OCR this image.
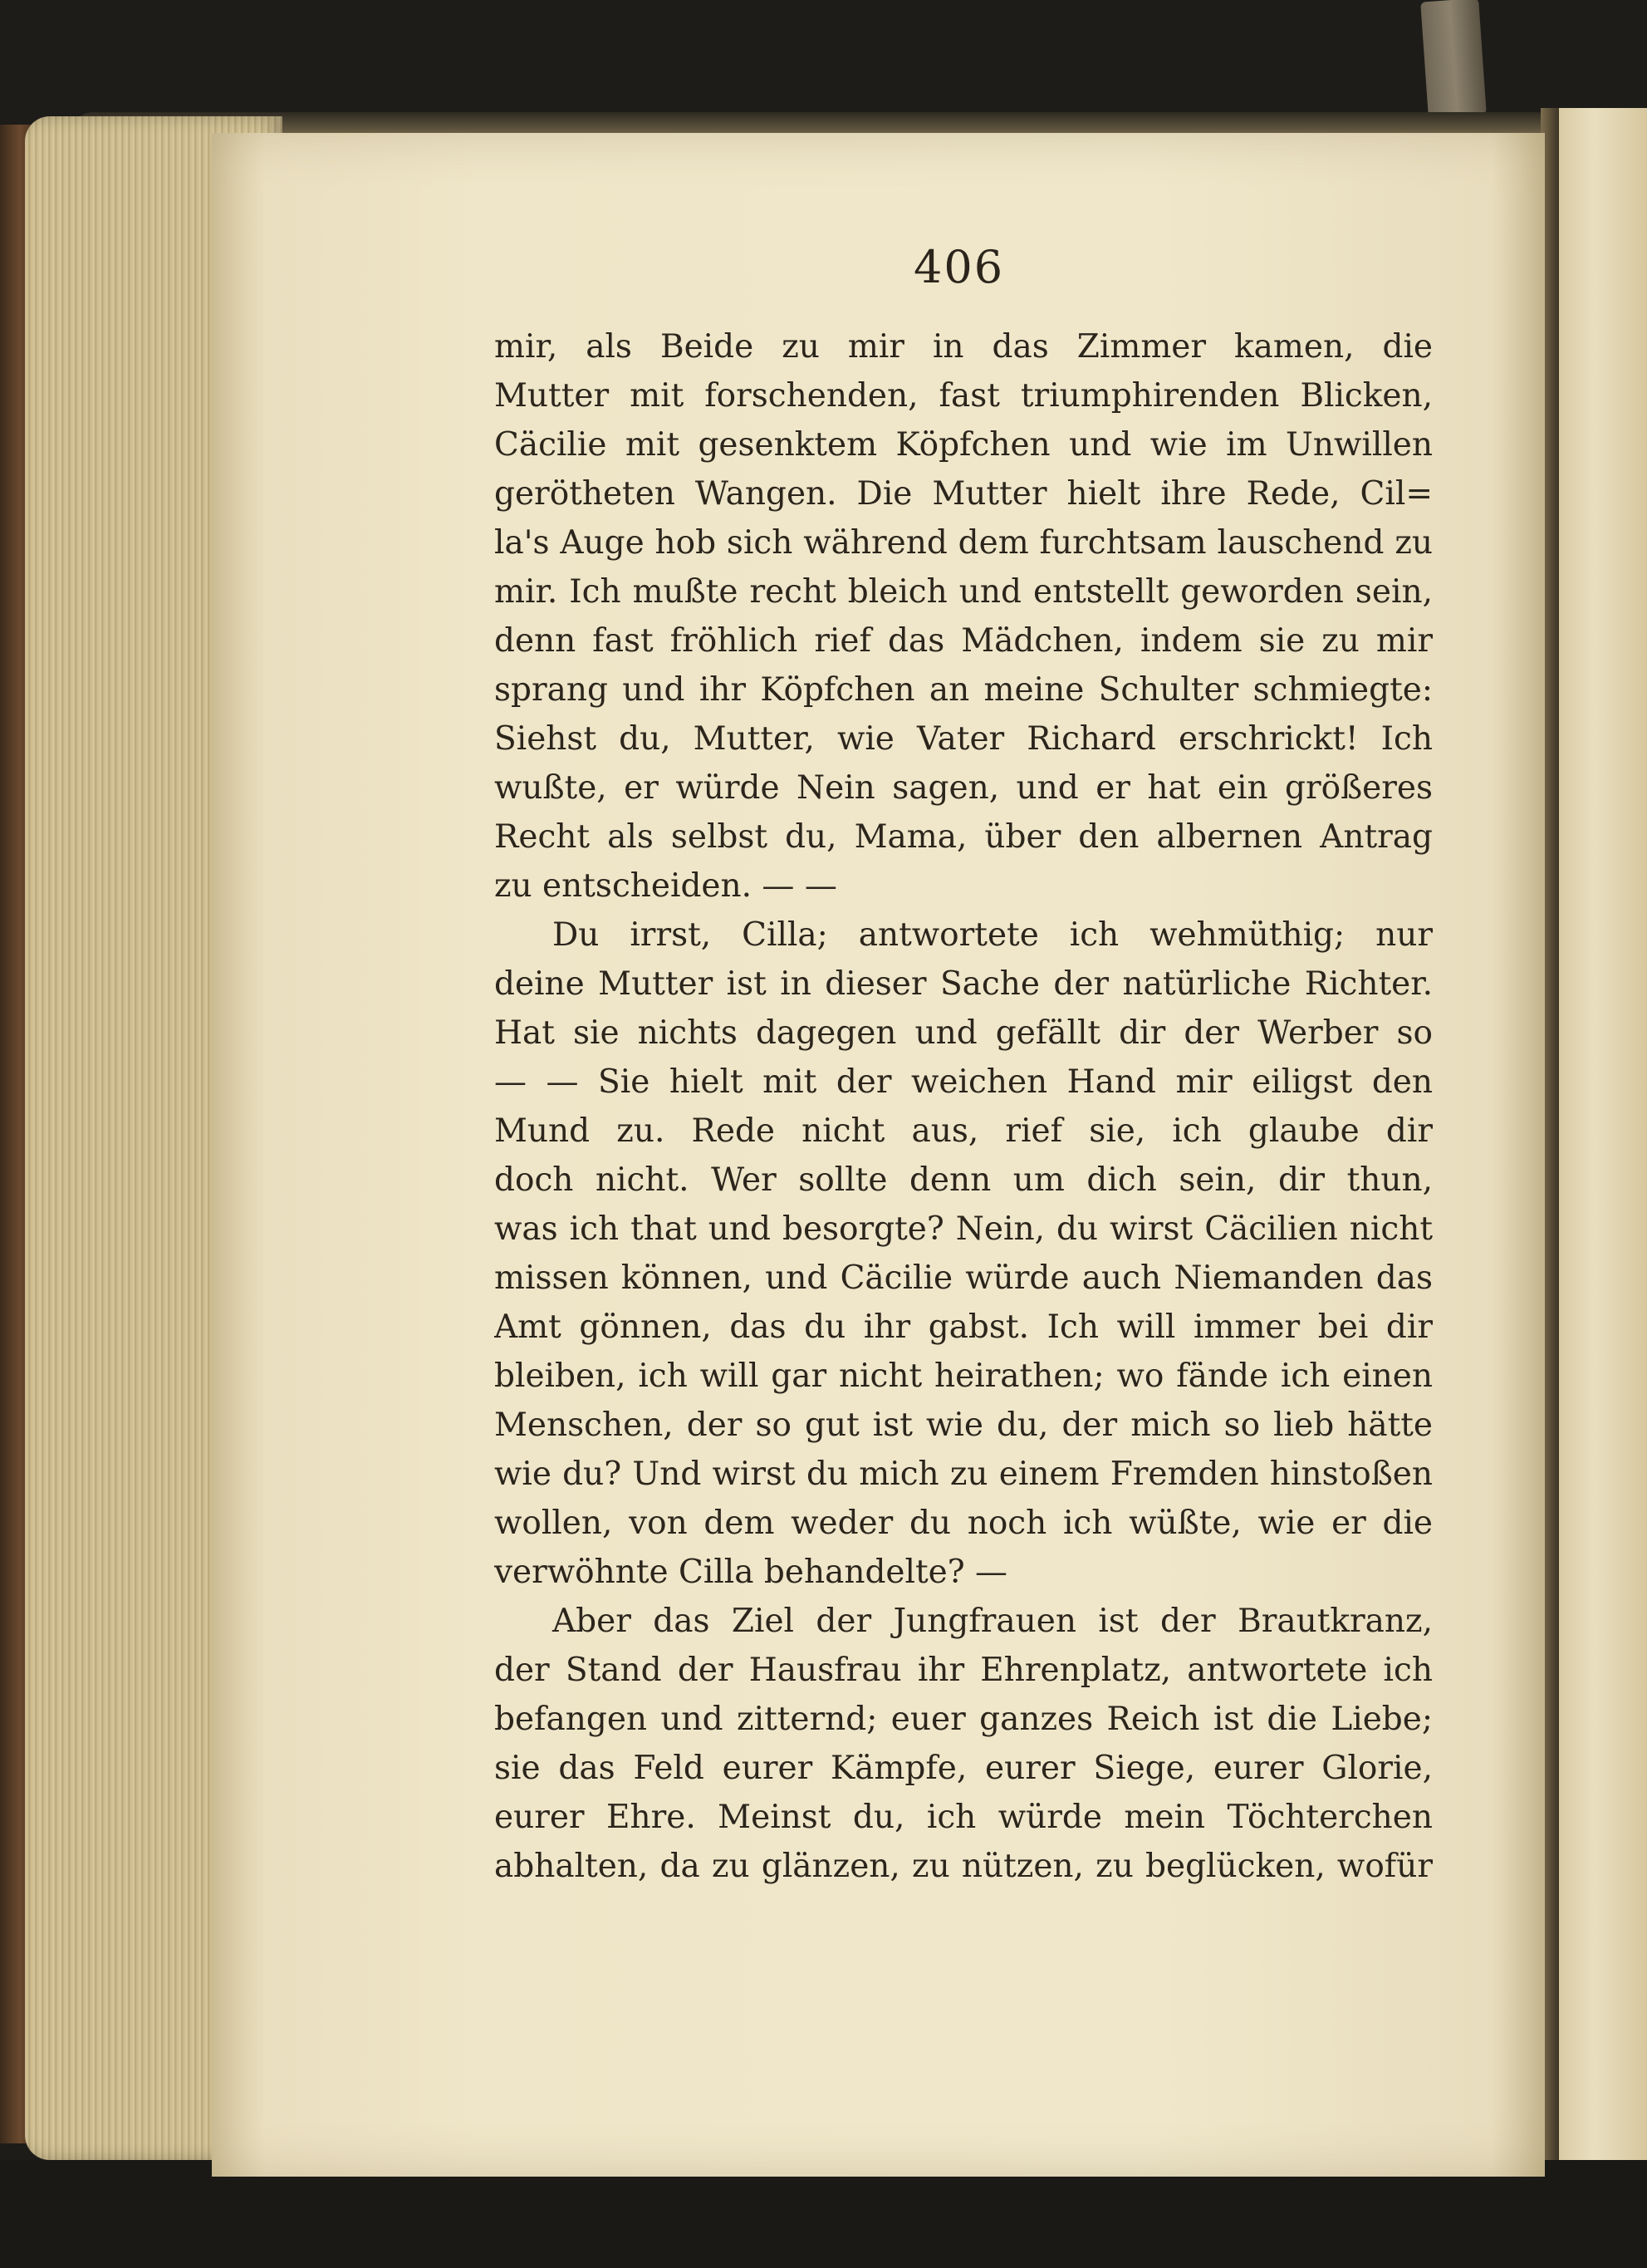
406
mir, als Beide zu mir in das Zimmer kamen, die
Mutter mit forschenden, fast triumphirenden Blicken,
Cäcilie mit gesenktem Köpfchen und wie im Unwillen
gerötheten Wangen. Die Mutter hielt ihre Rede, Cil=
la's Auge hob sich während dem furchtsam lauschend zu
mir. Ich mußte recht bleich und entstellt geworden sein,
denn fast fröhlich rief das Mädchen, indem sie zu mir
sprang und ihr Köpfchen an meine Schulter schmiegte:
Siehst du, Mutter, wie Vater Richard erschrickt! Ich
wußte, er würde Nein sagen, und er hat ein größeres
Recht als selbst du, Mama, über den albernen Antrag
zu entscheiden. — —
Du irrst, Cilla; antwortete ich wehmüthig; nur
deine Mutter ist in dieser Sache der natürliche Richter.
Hat sie nichts dagegen und gefällt dir der Werber so
— — Sie hielt mit der weichen Hand mir eiligst den
Mund zu. Rede nicht aus, rief sie, ich glaube dir
doch nicht. Wer sollte denn um dich sein, dir thun,
was ich that und besorgte? Nein, du wirst Cäcilien nicht
missen können, und Cäcilie würde auch Niemanden das
Amt gönnen, das du ihr gabst. Ich will immer bei dir
bleiben, ich will gar nicht heirathen; wo fände ich einen
Menschen, der so gut ist wie du, der mich so lieb hätte
wie du? Und wirst du mich zu einem Fremden hinstoßen
wollen, von dem weder du noch ich wüßte, wie er die
verwöhnte Cilla behandelte? —
Aber das Ziel der Jungfrauen ist der Brautkranz,
der Stand der Hausfrau ihr Ehrenplatz, antwortete ich
befangen und zitternd; euer ganzes Reich ist die Liebe;
sie das Feld eurer Kämpfe, eurer Siege, eurer Glorie,
eurer Ehre. Meinst du, ich würde mein Töchterchen
abhalten, da zu glänzen, zu nützen, zu beglücken, wofür
